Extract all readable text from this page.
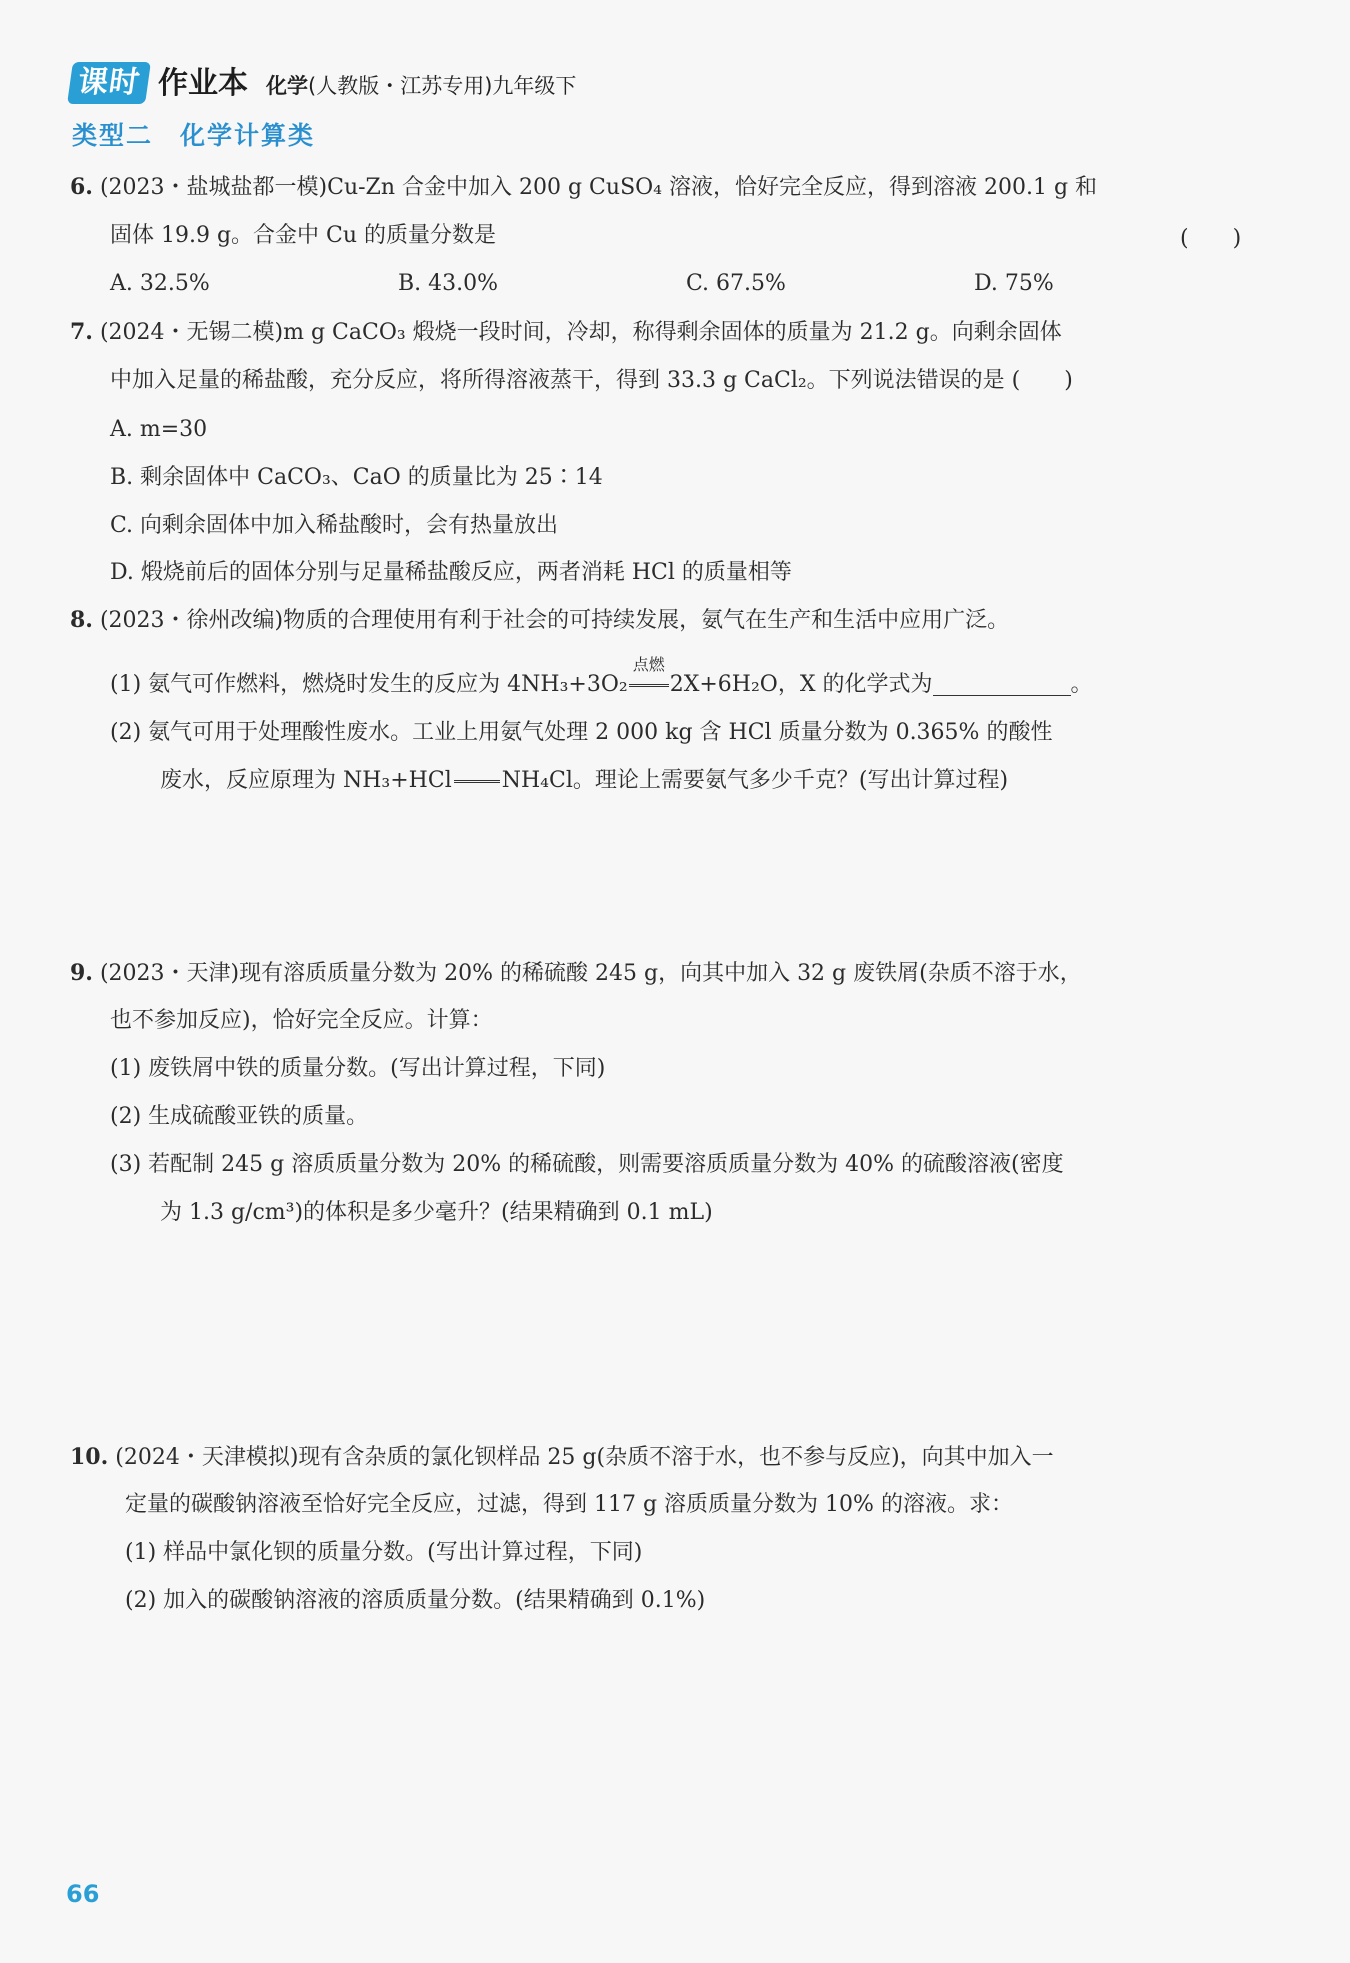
课时 作业本 化学(人教版・江苏专用)九年级下
类型二　化学计算类
6. (2023・盐城盐都一模)Cu-Zn 合金中加入 200 g CuSO₄ 溶液，恰好完全反应，得到溶液 200.1 g 和
固体 19.9 g。合金中 Cu 的质量分数是	(　　)
A. 32.5%	B. 43.0%	C. 67.5%	D. 75%
7. (2024・无锡二模)m g CaCO₃ 煅烧一段时间，冷却，称得剩余固体的质量为 21.2 g。向剩余固体
中加入足量的稀盐酸，充分反应，将所得溶液蒸干，得到 33.3 g CaCl₂。下列说法错误的是 (　　)
A. m=30
B. 剩余固体中 CaCO₃、CaO 的质量比为 25∶14
C. 向剩余固体中加入稀盐酸时，会有热量放出
D. 煅烧前后的固体分别与足量稀盐酸反应，两者消耗 HCl 的质量相等
8. (2023・徐州改编)物质的合理使用有利于社会的可持续发展，氨气在生产和生活中应用广泛。
(1) 氨气可作燃料，燃烧时发生的反应为 4NH₃+3O₂
点燃
2X+6H₂O，X 的化学式为	。
(2) 氨气可用于处理酸性废水。工业上用氨气处理 2 000 kg 含 HCl 质量分数为 0.365% 的酸性
废水，反应原理为 NH₃+HCl NH₄Cl。理论上需要氨气多少千克？(写出计算过程)
9. (2023・天津)现有溶质质量分数为 20% 的稀硫酸 245 g，向其中加入 32 g 废铁屑(杂质不溶于水，
也不参加反应)，恰好完全反应。计算：
(1) 废铁屑中铁的质量分数。(写出计算过程，下同)
(2) 生成硫酸亚铁的质量。
(3) 若配制 245 g 溶质质量分数为 20% 的稀硫酸，则需要溶质质量分数为 40% 的硫酸溶液(密度
为 1.3 g/cm³)的体积是多少毫升？(结果精确到 0.1 mL)
10. (2024・天津模拟)现有含杂质的氯化钡样品 25 g(杂质不溶于水，也不参与反应)，向其中加入一
定量的碳酸钠溶液至恰好完全反应，过滤，得到 117 g 溶质质量分数为 10% 的溶液。求：
(1) 样品中氯化钡的质量分数。(写出计算过程，下同)
(2) 加入的碳酸钠溶液的溶质质量分数。(结果精确到 0.1%)
66
